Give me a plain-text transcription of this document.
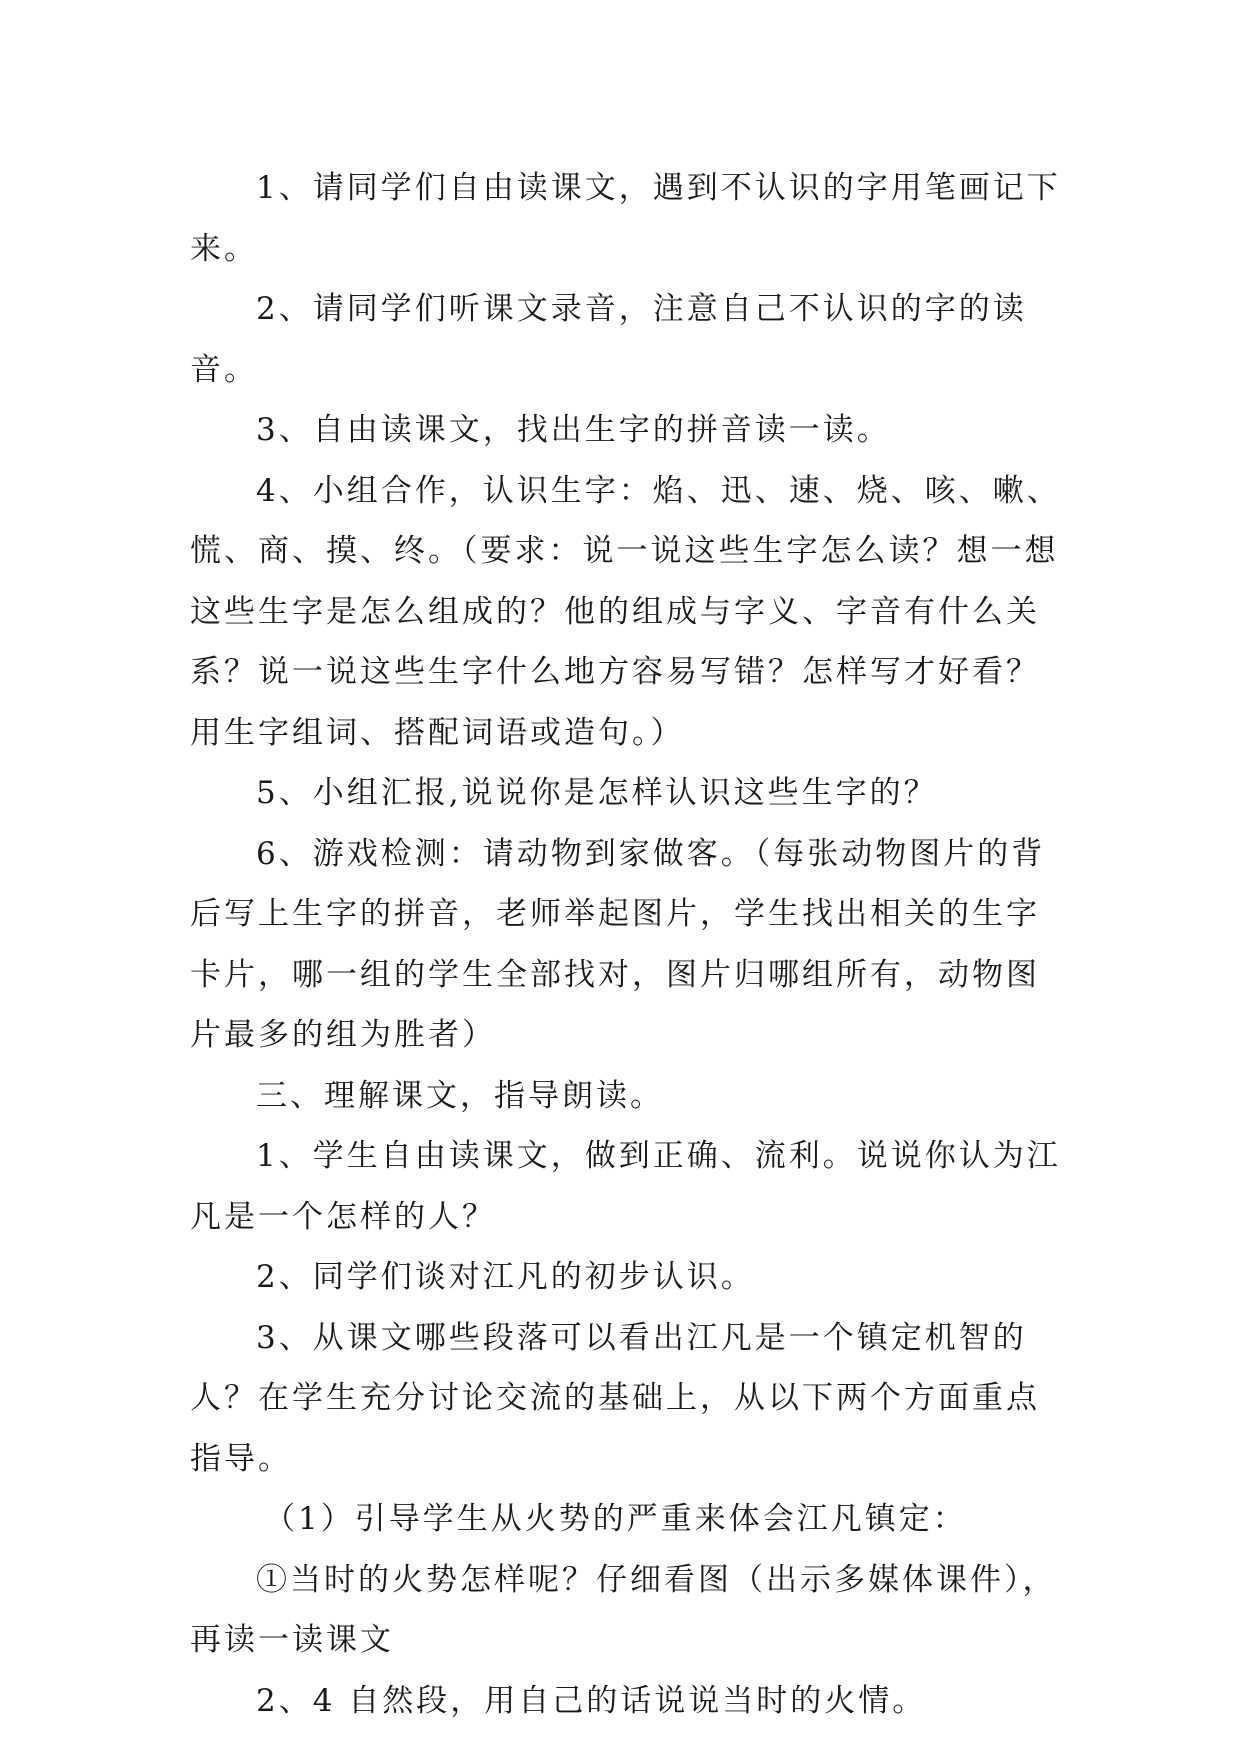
1、请同学们自由读课文，遇到不认识的字用笔画记下来。

2、请同学们听课文录音，注意自己不认识的字的读音。

3、自由读课文，找出生字的拼音读一读。

4、小组合作，认识生字：焰、迅、速、烧、咳、嗽、慌、商、摸、终。（要求：说一说这些生字怎么读？想一想这些生字是怎么组成的？他的组成与字义、字音有什么关系？说一说这些生字什么地方容易写错？怎样写才好看？用生字组词、搭配词语或造句。）

5、小组汇报,说说你是怎样认识这些生字的？

6、游戏检测：请动物到家做客。（每张动物图片的背后写上生字的拼音，老师举起图片，学生找出相关的生字卡片，哪一组的学生全部找对，图片归哪组所有，动物图片最多的组为胜者）

三、理解课文，指导朗读。

1、学生自由读课文，做到正确、流利。说说你认为江凡是一个怎样的人？

2、同学们谈对江凡的初步认识。

3、从课文哪些段落可以看出江凡是一个镇定机智的人？在学生充分讨论交流的基础上，从以下两个方面重点指导。

（1）引导学生从火势的严重来体会江凡镇定：

①当时的火势怎样呢？仔细看图（出示多媒体课件），再读一读课文

2、4 自然段，用自己的话说说当时的火情。
